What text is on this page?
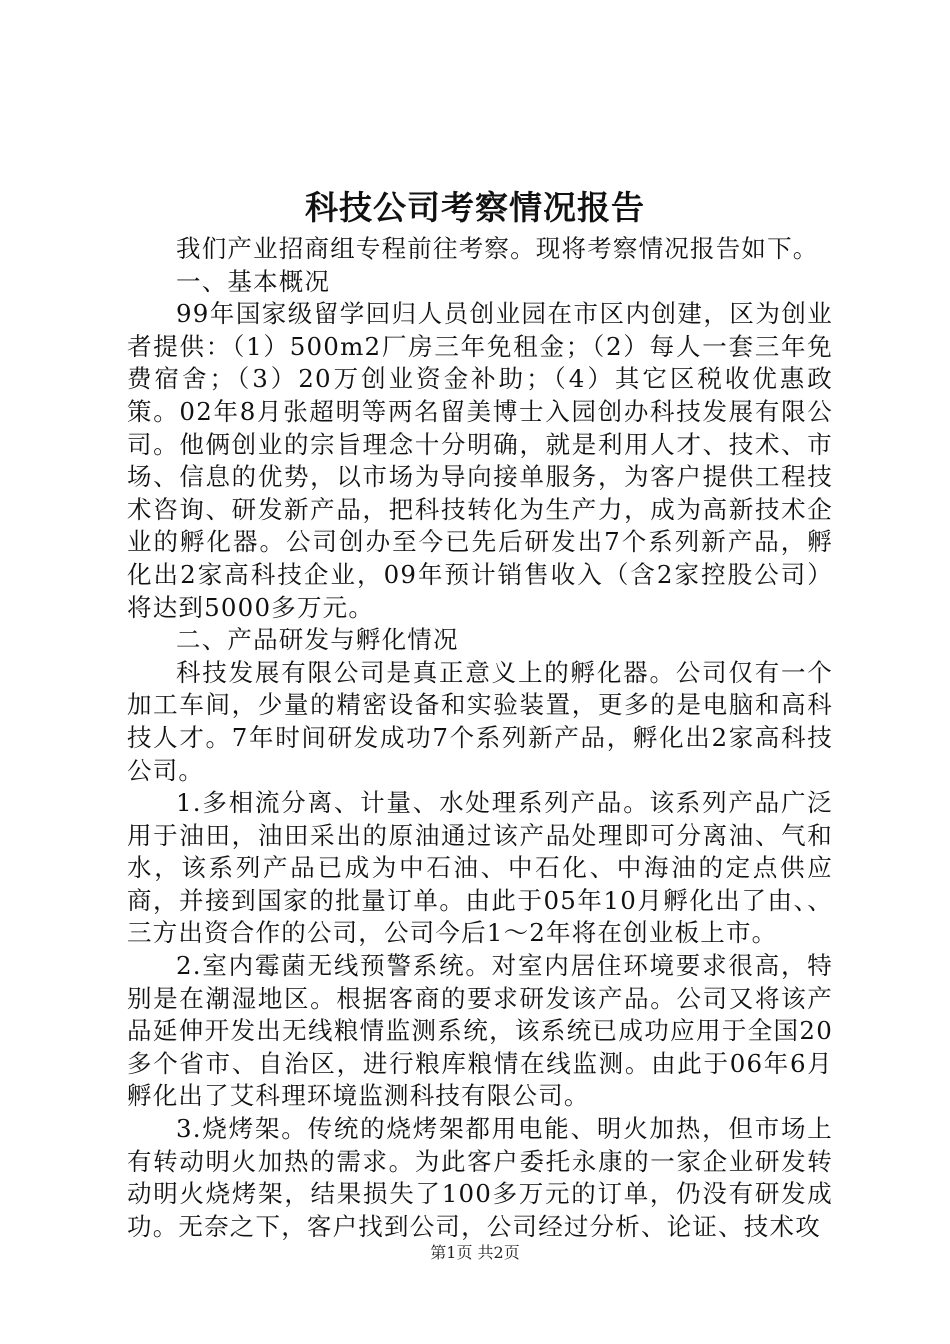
科技公司考察情况报告

我们产业招商组专程前往考察。现将考察情况报告如下。

一、基本概况

99年国家级留学回归人员创业园在市区内创建，区为创业者提供：（1）500m2厂房三年免租金；（2）每人一套三年免费宿舍；（3）20万创业资金补助；（4）其它区税收优惠政策。02年8月张超明等两名留美博士入园创办科技发展有限公司。他俩创业的宗旨理念十分明确，就是利用人才、技术、市场、信息的优势，以市场为导向接单服务，为客户提供工程技术咨询、研发新产品，把科技转化为生产力，成为高新技术企业的孵化器。公司创办至今已先后研发出7个系列新产品，孵化出2家高科技企业，09年预计销售收入（含2家控股公司）将达到5000多万元。

二、产品研发与孵化情况

科技发展有限公司是真正意义上的孵化器。公司仅有一个加工车间，少量的精密设备和实验装置，更多的是电脑和高科技人才。7年时间研发成功7个系列新产品，孵化出2家高科技公司。

1.多相流分离、计量、水处理系列产品。该系列产品广泛用于油田，油田采出的原油通过该产品处理即可分离油、气和水，该系列产品已成为中石油、中石化、中海油的定点供应商，并接到国家的批量订单。由此于05年10月孵化出了由、、三方出资合作的公司，公司今后1～2年将在创业板上市。

2.室内霉菌无线预警系统。对室内居住环境要求很高，特别是在潮湿地区。根据客商的要求研发该产品。公司又将该产品延伸开发出无线粮情监测系统，该系统已成功应用于全国20多个省市、自治区，进行粮库粮情在线监测。由此于06年6月孵化出了艾科理环境监测科技有限公司。

3.烧烤架。传统的烧烤架都用电能、明火加热，但市场上有转动明火加热的需求。为此客户委托永康的一家企业研发转动明火烧烤架，结果损失了100多万元的订单，仍没有研发成功。无奈之下，客户找到公司，公司经过分析、论证、技术攻

第1页 共2页
